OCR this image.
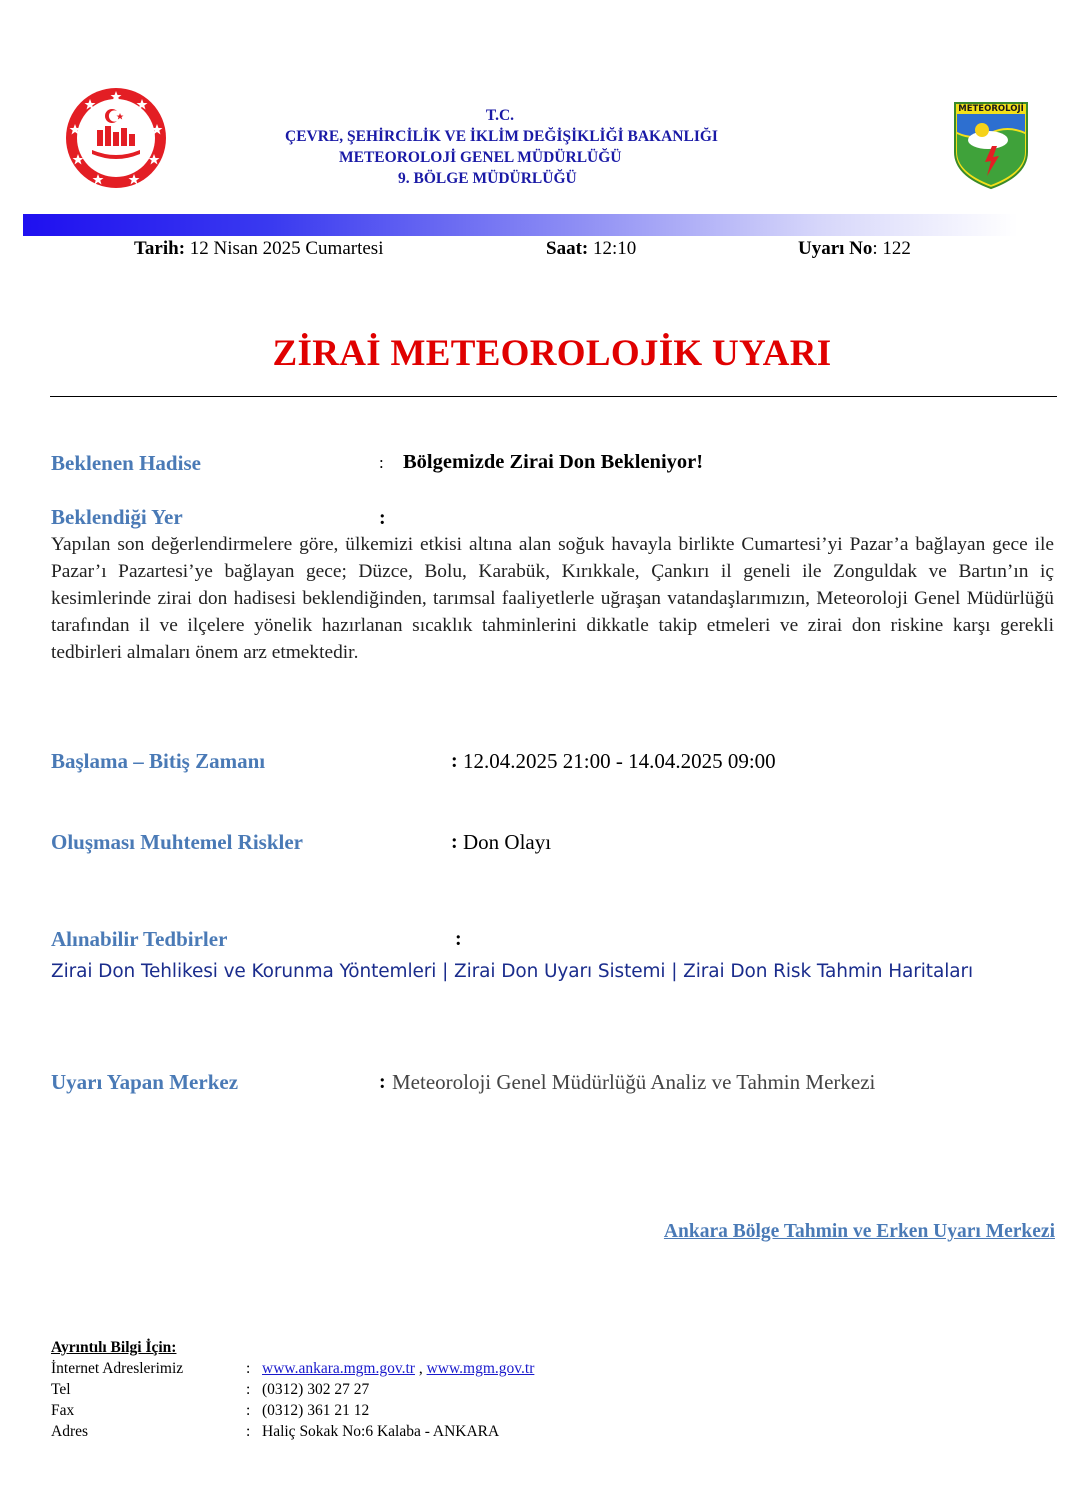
T.C.
ÇEVRE, ŞEHİRCİLİK VE İKLİM DEĞİŞİKLİĞİ BAKANLIĞI
METEOROLOJİ GENEL MÜDÜRLÜĞÜ
9. BÖLGE MÜDÜRLÜĞÜ
METEOROLOJİ
Tarih: 12 Nisan 2025 Cumartesi	Saat: 12:10	Uyarı No: 122
ZİRAİ METEOROLOJİK UYARI
Beklenen Hadise	: Bölgemizde Zirai Don Bekleniyor!
Beklendiği Yer	:
Yapılan son değerlendirmelere göre, ülkemizi etkisi altına alan soğuk havayla birlikte Cumartesi’yi Pazar’a bağlayan gece ile Pazar’ı Pazartesi’ye bağlayan gece; Düzce, Bolu, Karabük, Kırıkkale, Çankırı il geneli ile Zonguldak ve Bartın’ın iç kesimlerinde zirai don hadisesi beklendiğinden, tarımsal faaliyetlerle uğraşan vatandaşlarımızın, Meteoroloji Genel Müdürlüğü tarafından il ve ilçelere yönelik hazırlanan sıcaklık tahminlerini dikkatle takip etmeleri ve zirai don riskine karşı gerekli tedbirleri almaları önem arz etmektedir.
Başlama – Bitiş Zamanı	: 12.04.2025 21:00 - 14.04.2025 09:00
Oluşması Muhtemel Riskler	: Don Olayı
Alınabilir Tedbirler	:
Zirai Don Tehlikesi ve Korunma Yöntemleri | Zirai Don Uyarı Sistemi | Zirai Don Risk Tahmin Haritaları
Uyarı Yapan Merkez	: Meteoroloji Genel Müdürlüğü Analiz ve Tahmin Merkezi
Ankara Bölge Tahmin ve Erken Uyarı Merkezi
Ayrıntılı Bilgi İçin:
İnternet Adreslerimiz	: www.ankara.mgm.gov.tr , www.mgm.gov.tr
Tel	: (0312) 302 27 27
Fax	: (0312) 361 21 12
Adres	: Haliç Sokak No:6 Kalaba - ANKARA
